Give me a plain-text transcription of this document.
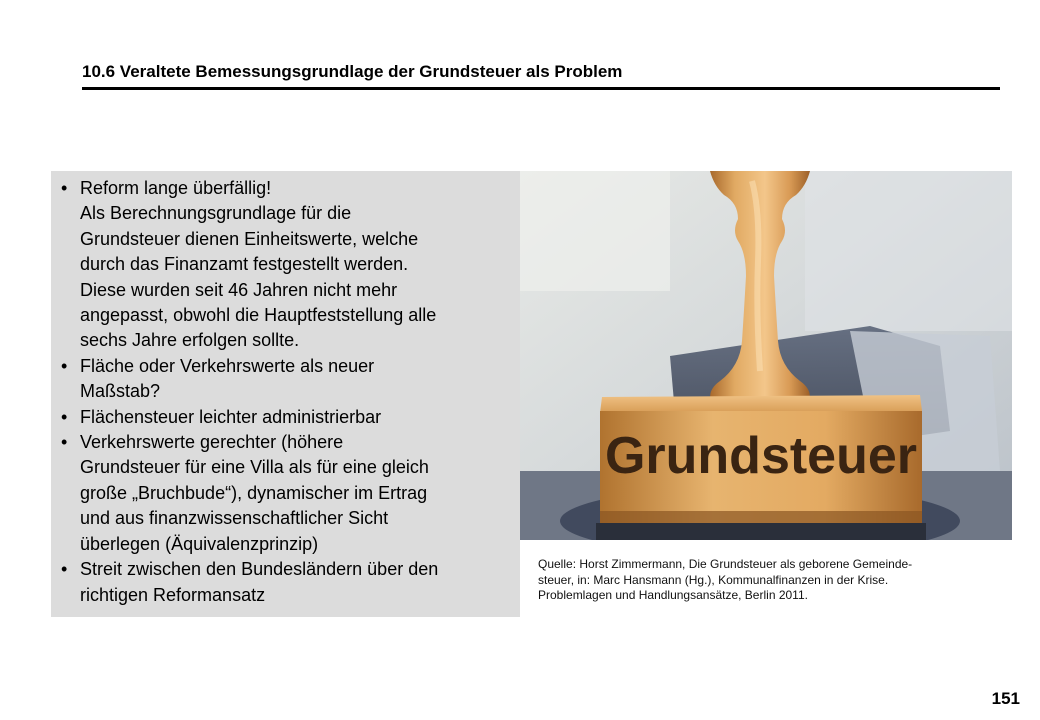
10.6 Veraltete Bemessungsgrundlage der Grundsteuer als Problem
• Reform lange überfällig!
Als Berechnungsgrundlage für die
Grundsteuer dienen Einheitswerte, welche
durch das Finanzamt festgestellt werden.
Diese wurden seit 46 Jahren nicht mehr
angepasst, obwohl die Hauptfeststellung alle
sechs Jahre erfolgen sollte.
• Fläche oder Verkehrswerte als neuer
Maßstab?
• Flächensteuer leichter administrierbar
• Verkehrswerte gerechter (höhere
Grundsteuer für eine Villa als für eine gleich
große „Bruchbude“), dynamischer im Ertrag
und aus finanzwissenschaftlicher Sicht
überlegen (Äquivalenzprinzip)
• Streit zwischen den Bundesländern über den
richtigen Reformansatz
Grundsteuer
Quelle: Horst Zimmermann, Die Grundsteuer als geborene Gemeinde-
steuer, in: Marc Hansmann (Hg.), Kommunalfinanzen in der Krise.
Problemlagen und Handlungsansätze, Berlin 2011.
151
